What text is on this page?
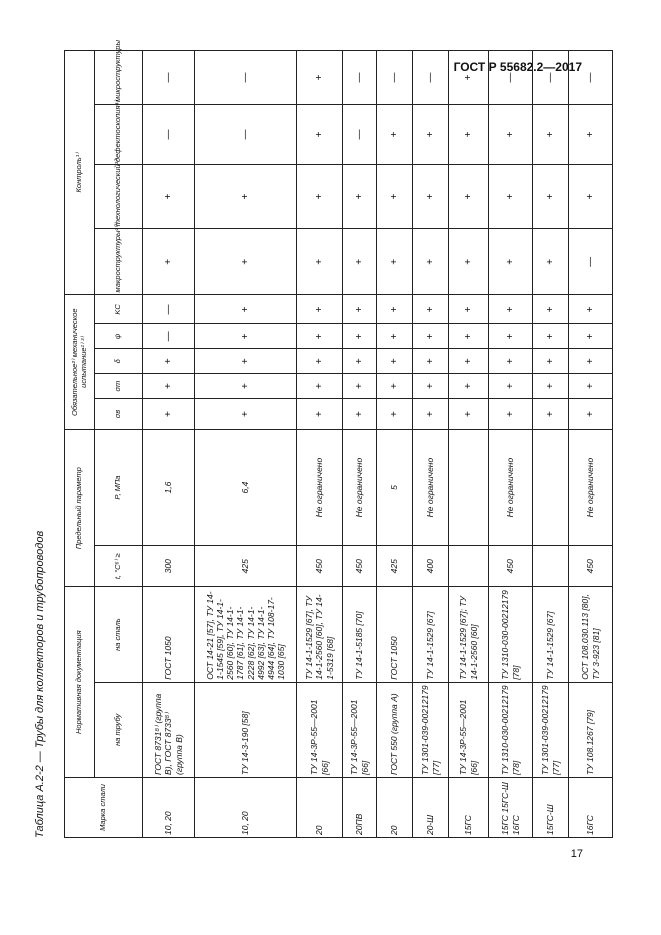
ГОСТ Р 55682.2—2017
Таблица А.2-2 — Трубы для коллекторов и трубопроводов	Марка стали	Нормативная документация		Предельный параметр		Обязательное²⁾ механическое испытание¹⁾ ³⁾					Контроль¹⁾			
	на трубу	на сталь	t, °C⁶⁾ ≥	P, МПа	σв	σт	δ	ψ	KC	макроструктуры¹⁰⁾	технологический³⁾	дефектоскопия⁴⁾	микроструктуры
10, 20	ГОСТ 8731⁸⁾ (группа В), ГОСТ 8733⁸⁾ (группа В)	ГОСТ 1050	300	1,6	+	+	+	—	—	+	+	—	—
10, 20	ТУ 14-3-190 [58]	ОСТ 14-21 [57], ТУ 14-1-1545 [59], ТУ 14-1-2560 [60], ТУ 14-1-1787 [61], ТУ 14-1-2228 [62], ТУ 14-1-4992 [63], ТУ 14-1-4944 [64], ТУ 108-17-1030 [65]	425	6,4	+	+	+	+	+	+	+	—	—
20	ТУ 14-3Р-55—2001 [66]	ТУ 14-1-1529 [67], ТУ 14-1-2560 [60], ТУ 14-1-5319 [68]	450	Не ограничено	+	+	+	+	+	+	+	+	+
20ПВ	ТУ 14-3Р-55—2001 [66]	ТУ 14-1-5185 [70]	450	Не ограничено	+	+	+	+	+	+	+	—	—
20	ГОСТ 550 (группа А)	ГОСТ 1050	425	5	+	+	+	+	+	+	+	+	—
20-Ш	ТУ 1301-039-00212179 [77]	ТУ 14-1-1529 [67]	400	Не ограничено	+	+	+	+	+	+	+	+	—
15ГС	ТУ 14-3Р-55—2001 [66]	ТУ 14-1-1529 [67]; ТУ 14-1-2560 [60]			+	+	+	+	+	+	+	+	+
15ГС 15ГС-Ш 16ГС	ТУ 1310-030-00212179 [78]	ТУ 1310-030-00212179 [78]	450	Не ограничено	+	+	+	+	+	+	+	+	—
15ГС-Ш	ТУ 1301-039-00212179 [77]	ТУ 14-1-1529 [67]			+	+	+	+	+	+	+	+	—
16ГС	ТУ 108.1267 [79]	ОСТ 108.030.113 [80], ТУ 3-923 [81]	450	Не ограничено	+	+	+	+	+	—	+	+	—
17
